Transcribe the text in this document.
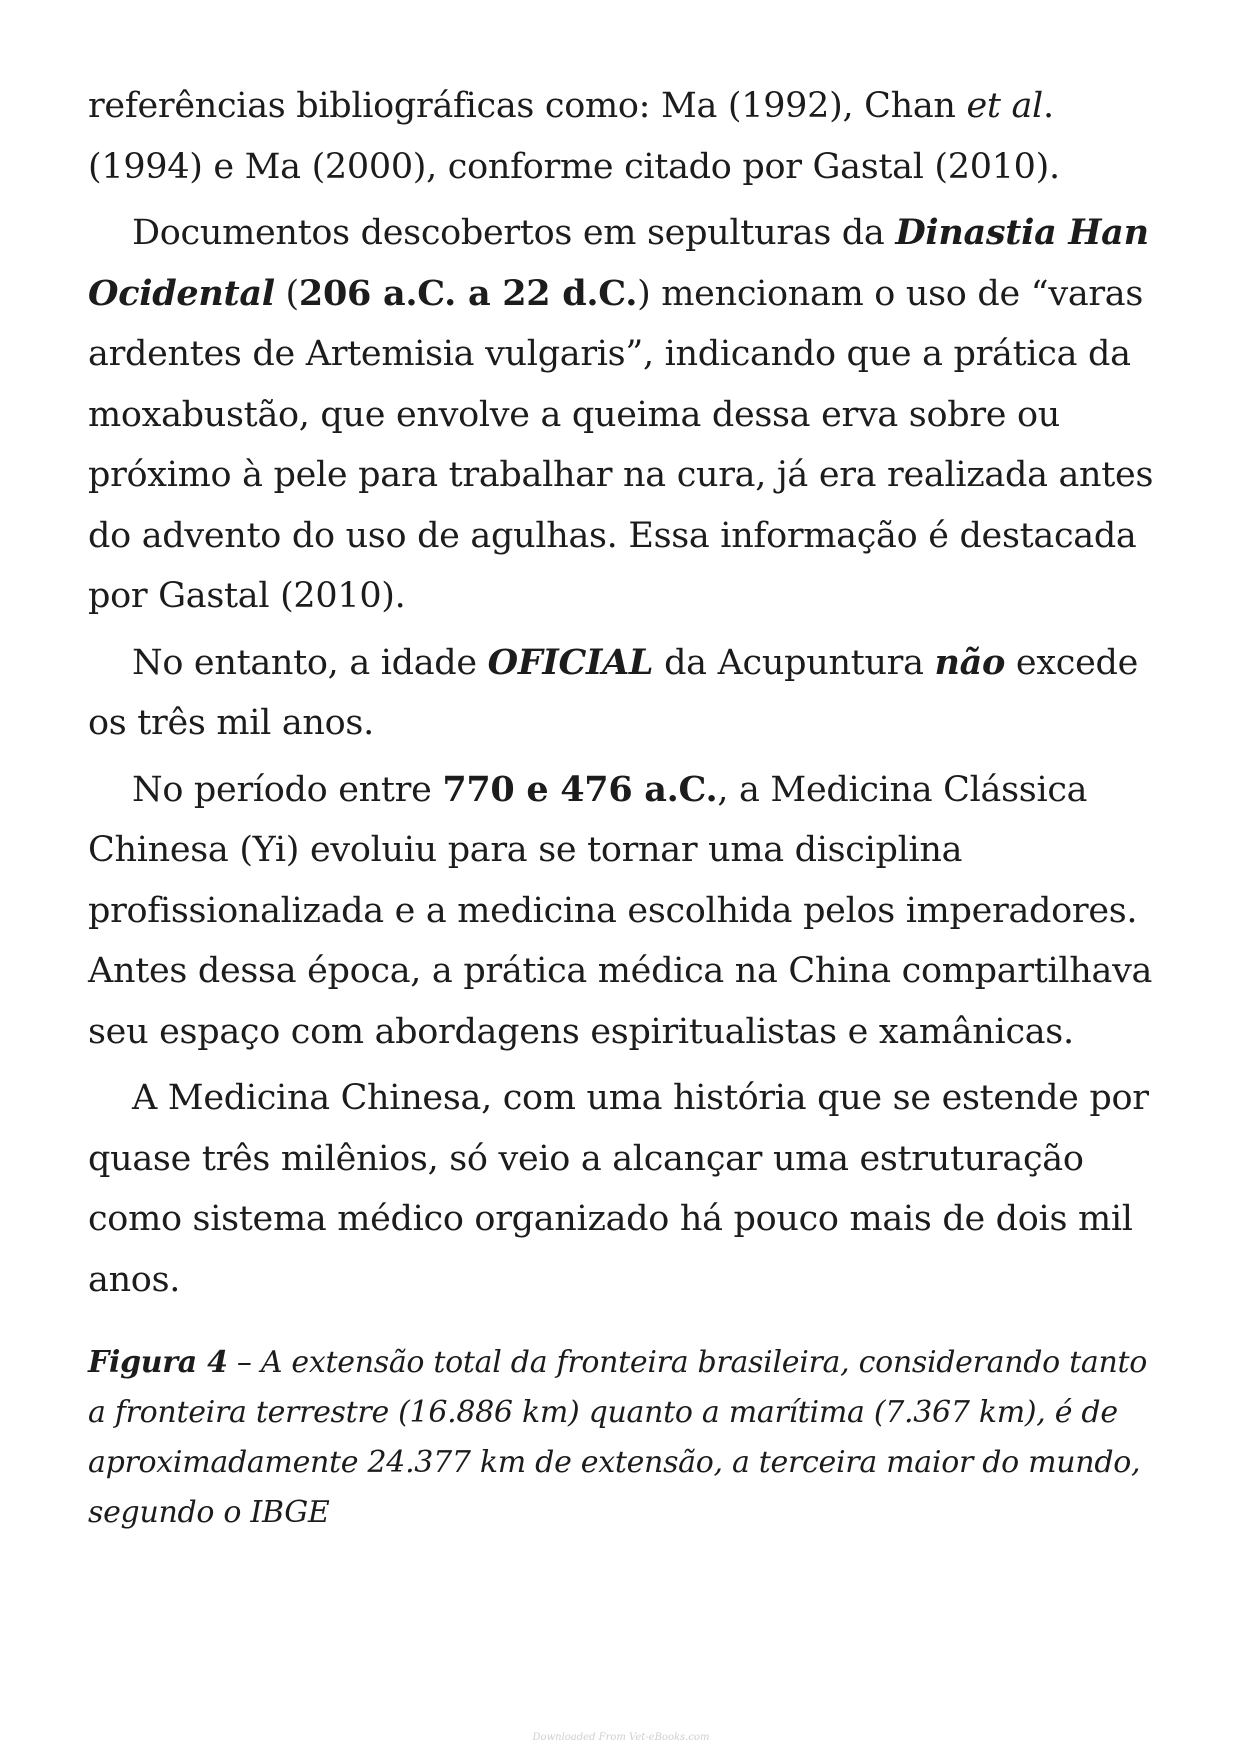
referências bibliográficas como: Ma (1992), Chan et al. (1994) e Ma (2000), conforme citado por Gastal (2010).

Documentos descobertos em sepulturas da Dinastia Han Ocidental (206 a.C. a 22 d.C.) mencionam o uso de “varas ardentes de Artemisia vulgaris”, indicando que a prática da moxabustão, que envolve a queima dessa erva sobre ou próximo à pele para trabalhar na cura, já era realizada antes do advento do uso de agulhas. Essa informação é destacada por Gastal (2010).

No entanto, a idade OFICIAL da Acupuntura não excede os três mil anos.

No período entre 770 e 476 a.C., a Medicina Clássica Chinesa (Yi) evoluiu para se tornar uma disciplina profissionalizada e a medicina escolhida pelos imperadores. Antes dessa época, a prática médica na China compartilhava seu espaço com abordagens espiritualistas e xamânicas.

A Medicina Chinesa, com uma história que se estende por quase três milênios, só veio a alcançar uma estruturação como sistema médico organizado há pouco mais de dois mil anos.

Figura 4 – A extensão total da fronteira brasileira, considerando tanto a fronteira terrestre (16.886 km) quanto a marítima (7.367 km), é de aproximadamente 24.377 km de extensão, a terceira maior do mundo, segundo o IBGE
Downloaded From Vet-eBooks.com
